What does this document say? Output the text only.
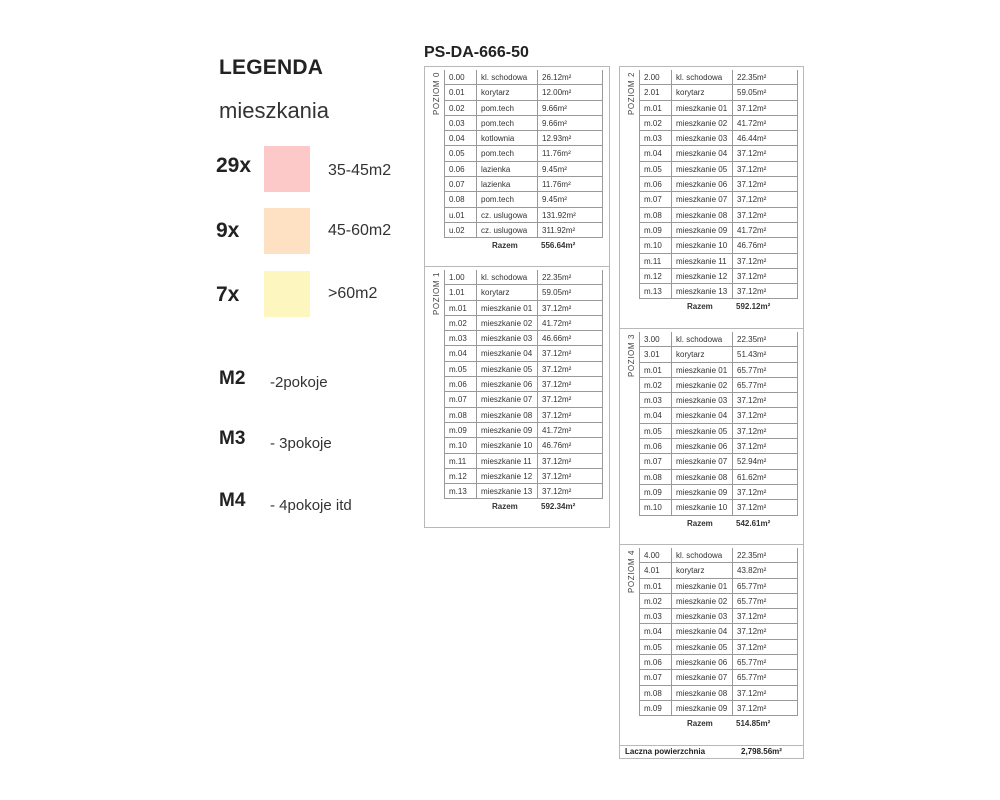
LEGENDA
mieszkania
29x	35-45m2
9x	45-60m2
7x	>60m2
M2 -2pokoje
M3 - 3pokoje
M4 - 4pokoje itd
PS-DA-666-50
POZIOM 0	0.00	kl. schodowa	26.12m²
0.01	korytarz	12.00m²
0.02	pom.tech	9.66m²
0.03	pom.tech	9.66m²
0.04	kotlownia	12.93m²
0.05	pom.tech	11.76m²
0.06	lazienka	9.45m²
0.07	lazienka	11.76m²
0.08	pom.tech	9.45m²
u.01	cz. uslugowa	131.92m²
u.02	cz. uslugowa	311.92m²
Razem	556.64m²
POZIOM 1	1.00	kl. schodowa	22.35m²
1.01	korytarz	59.05m²
m.01	mieszkanie 01	37.12m²
m.02	mieszkanie 02	41.72m²
m.03	mieszkanie 03	46.66m²
m.04	mieszkanie 04	37.12m²
m.05	mieszkanie 05	37.12m²
m.06	mieszkanie 06	37.12m²
m.07	mieszkanie 07	37.12m²
m.08	mieszkanie 08	37.12m²
m.09	mieszkanie 09	41.72m²
m.10	mieszkanie 10	46.76m²
m.11	mieszkanie 11	37.12m²
m.12	mieszkanie 12	37.12m²
m.13	mieszkanie 13	37.12m²
Razem	592.34m²
POZIOM 2	2.00	kl. schodowa	22.35m²
2.01	korytarz	59.05m²
m.01	mieszkanie 01	37.12m²
m.02	mieszkanie 02	41.72m²
m.03	mieszkanie 03	46.44m²
m.04	mieszkanie 04	37.12m²
m.05	mieszkanie 05	37.12m²
m.06	mieszkanie 06	37.12m²
m.07	mieszkanie 07	37.12m²
m.08	mieszkanie 08	37.12m²
m.09	mieszkanie 09	41.72m²
m.10	mieszkanie 10	46.76m²
m.11	mieszkanie 11	37.12m²
m.12	mieszkanie 12	37.12m²
m.13	mieszkanie 13	37.12m²
Razem	592.12m²
POZIOM 3	3.00	kl. schodowa	22.35m²
3.01	korytarz	51.43m²
m.01	mieszkanie 01	65.77m²
m.02	mieszkanie 02	65.77m²
m.03	mieszkanie 03	37.12m²
m.04	mieszkanie 04	37.12m²
m.05	mieszkanie 05	37.12m²
m.06	mieszkanie 06	37.12m²
m.07	mieszkanie 07	52.94m²
m.08	mieszkanie 08	61.62m²
m.09	mieszkanie 09	37.12m²
m.10	mieszkanie 10	37.12m²
Razem	542.61m²
POZIOM 4	4.00	kl. schodowa	22.35m²
4.01	korytarz	43.82m²
m.01	mieszkanie 01	65.77m²
m.02	mieszkanie 02	65.77m²
m.03	mieszkanie 03	37.12m²
m.04	mieszkanie 04	37.12m²
m.05	mieszkanie 05	37.12m²
m.06	mieszkanie 06	65.77m²
m.07	mieszkanie 07	65.77m²
m.08	mieszkanie 08	37.12m²
m.09	mieszkanie 09	37.12m²
Razem	514.85m²
Laczna powierzchnia	2,798.56m²
